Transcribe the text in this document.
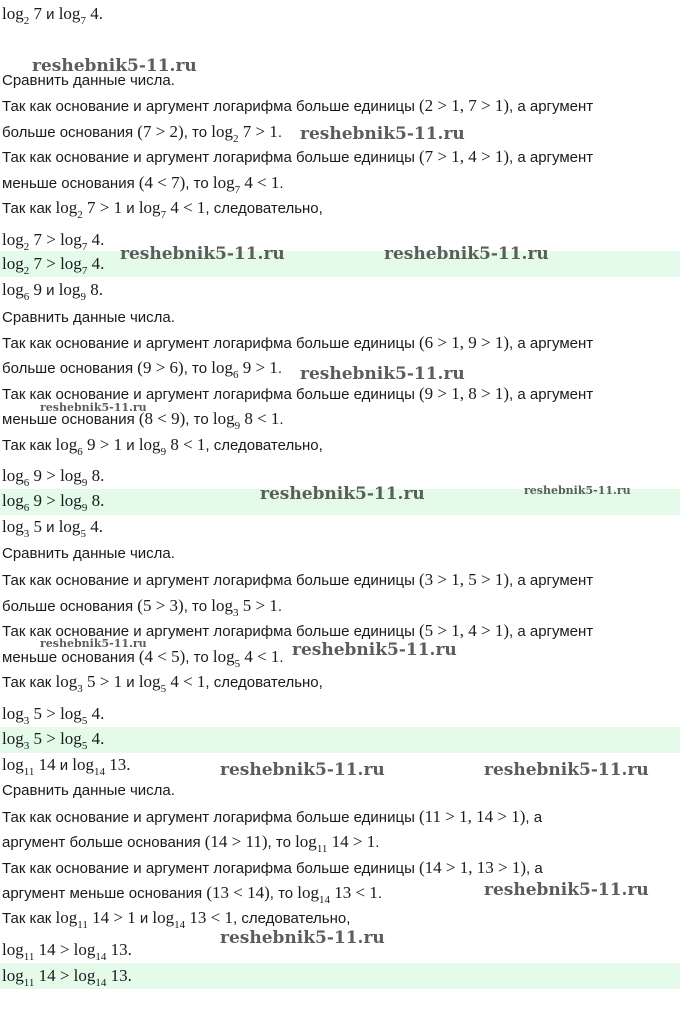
$\log_2 7$ и $\log_7 4$.
Сравнить данные числа.
Так как основание и аргумент логарифма больше единицы (2 > 1, 7 > 1), а аргумент
больше основания (7 > 2), то $\log_2 7 > 1$.
Так как основание и аргумент логарифма больше единицы (7 > 1, 4 > 1), а аргумент
меньше основания (4 < 7), то $\log_7 4 < 1$.
Так как $\log_2 7 > 1$ и $\log_7 4 < 1$, следовательно,
$\log_2 7 > \log_7 4$.
$\log_2 7 > \log_7 4$.
$\log_6 9$ и $\log_9 8$.
Сравнить данные числа.
Так как основание и аргумент логарифма больше единицы (6 > 1, 9 > 1), а аргумент
больше основания (9 > 6), то $\log_6 9 > 1$.
Так как основание и аргумент логарифма больше единицы (9 > 1, 8 > 1), а аргумент
меньше основания (8 < 9), то $\log_9 8 < 1$.
Так как $\log_6 9 > 1$ и $\log_9 8 < 1$, следовательно,
$\log_6 9 > \log_9 8$.
$\log_6 9 > \log_9 8$.
$\log_3 5$ и $\log_5 4$.
Сравнить данные числа.
Так как основание и аргумент логарифма больше единицы (3 > 1, 5 > 1), а аргумент
больше основания (5 > 3), то $\log_3 5 > 1$.
Так как основание и аргумент логарифма больше единицы (5 > 1, 4 > 1), а аргумент
меньше основания (4 < 5), то $\log_5 4 < 1$.
Так как $\log_3 5 > 1$ и $\log_5 4 < 1$, следовательно,
$\log_3 5 > \log_5 4$.
$\log_3 5 > \log_5 4$.
$\log_{11} 14$ и $\log_{14} 13$.
Сравнить данные числа.
Так как основание и аргумент логарифма больше единицы (11 > 1, 14 > 1), а
аргумент больше основания (14 > 11), то $\log_{11} 14 > 1$.
Так как основание и аргумент логарифма больше единицы (14 > 1, 13 > 1), а
аргумент меньше основания (13 < 14), то $\log_{14} 13 < 1$.
Так как $\log_{11} 14 > 1$ и $\log_{14} 13 < 1$, следовательно,
$\log_{11} 14 > \log_{14} 13$.
$\log_{11} 14 > \log_{14} 13$.
reshebnik5-11.ru
reshebnik5-11.ru
reshebnik5-11.ru	reshebnik5-11.ru
reshebnik5-11.ru
reshebnik5-11.ru
reshebnik5-11.ru	reshebnik5-11.ru
reshebnik5-11.ru	reshebnik5-11.ru
reshebnik5-11.ru	reshebnik5-11.ru
reshebnik5-11.ru
reshebnik5-11.ru
